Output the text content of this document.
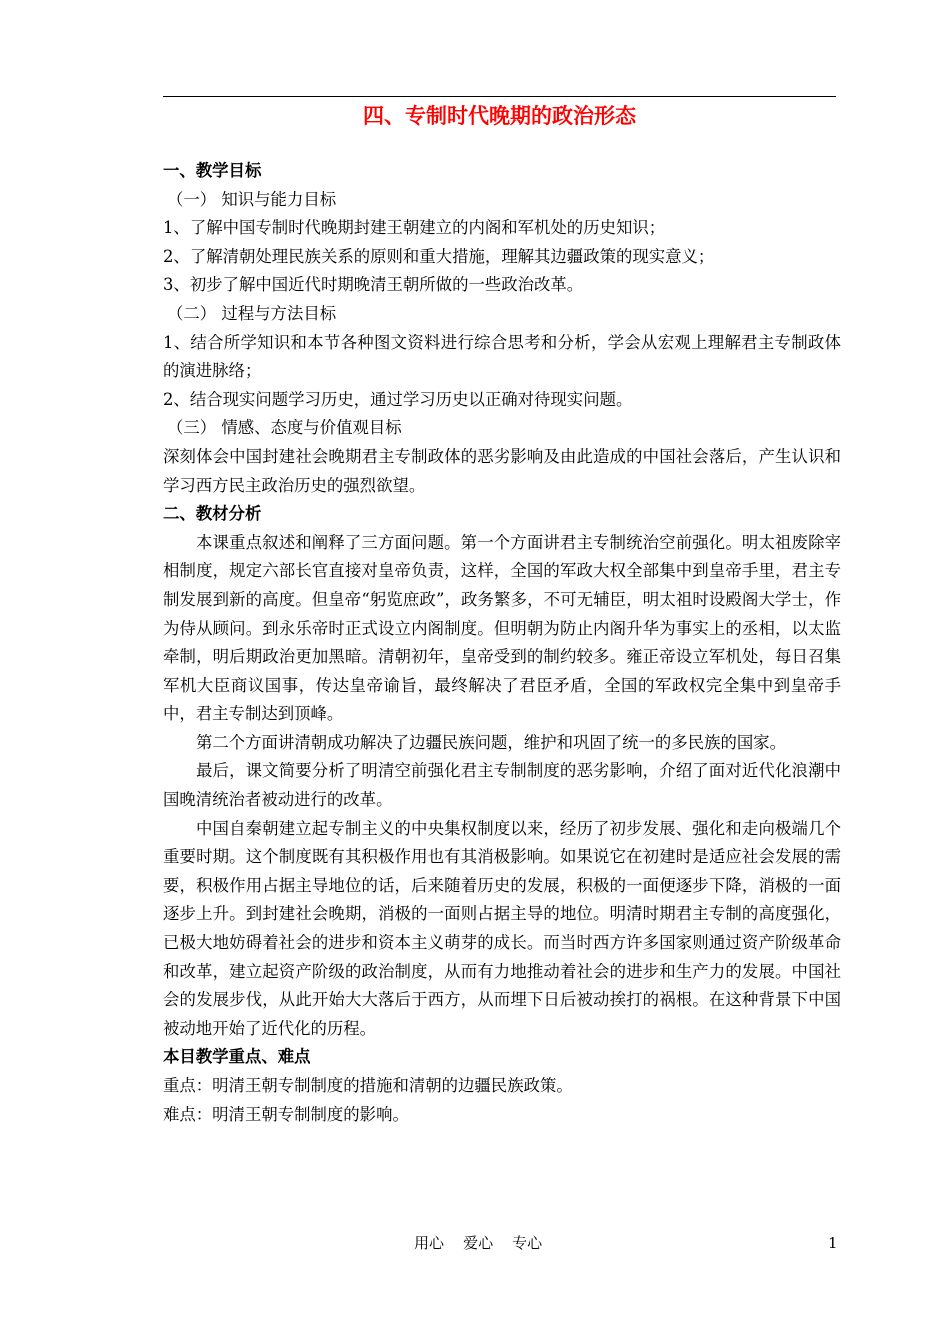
四、专制时代晚期的政治形态

一、教学目标

（一） 知识与能力目标

1、了解中国专制时代晚期封建王朝建立的内阁和军机处的历史知识；

2、了解清朝处理民族关系的原则和重大措施，理解其边疆政策的现实意义；

3、初步了解中国近代时期晚清王朝所做的一些政治改革。

（二） 过程与方法目标

1、结合所学知识和本节各种图文资料进行综合思考和分析，学会从宏观上理解君主专制政体的演进脉络；

2、结合现实问题学习历史，通过学习历史以正确对待现实问题。

（三） 情感、态度与价值观目标

深刻体会中国封建社会晚期君主专制政体的恶劣影响及由此造成的中国社会落后，产生认识和学习西方民主政治历史的强烈欲望。

二、教材分析

本课重点叙述和阐释了三方面问题。第一个方面讲君主专制统治空前强化。明太祖废除宰相制度，规定六部长官直接对皇帝负责，这样，全国的军政大权全部集中到皇帝手里，君主专制发展到新的高度。但皇帝“躬览庶政”，政务繁多，不可无辅臣，明太祖时设殿阁大学士，作为侍从顾问。到永乐帝时正式设立内阁制度。但明朝为防止内阁升华为事实上的丞相，以太监牵制，明后期政治更加黑暗。清朝初年，皇帝受到的制约较多。雍正帝设立军机处，每日召集军机大臣商议国事，传达皇帝谕旨，最终解决了君臣矛盾，全国的军政权完全集中到皇帝手中，君主专制达到顶峰。

第二个方面讲清朝成功解决了边疆民族问题，维护和巩固了统一的多民族的国家。

最后，课文简要分析了明清空前强化君主专制制度的恶劣影响，介绍了面对近代化浪潮中国晚清统治者被动进行的改革。

中国自秦朝建立起专制主义的中央集权制度以来，经历了初步发展、强化和走向极端几个重要时期。这个制度既有其积极作用也有其消极影响。如果说它在初建时是适应社会发展的需要，积极作用占据主导地位的话，后来随着历史的发展，积极的一面便逐步下降，消极的一面逐步上升。到封建社会晚期，消极的一面则占据主导的地位。明清时期君主专制的高度强化，已极大地妨碍着社会的进步和资本主义萌芽的成长。而当时西方许多国家则通过资产阶级革命和改革，建立起资产阶级的政治制度，从而有力地推动着社会的进步和生产力的发展。中国社会的发展步伐，从此开始大大落后于西方，从而埋下日后被动挨打的祸根。在这种背景下中国被动地开始了近代化的历程。

本目教学重点、难点

重点：明清王朝专制制度的措施和清朝的边疆民族政策。

难点：明清王朝专制制度的影响。

用心    爱心    专心	1
